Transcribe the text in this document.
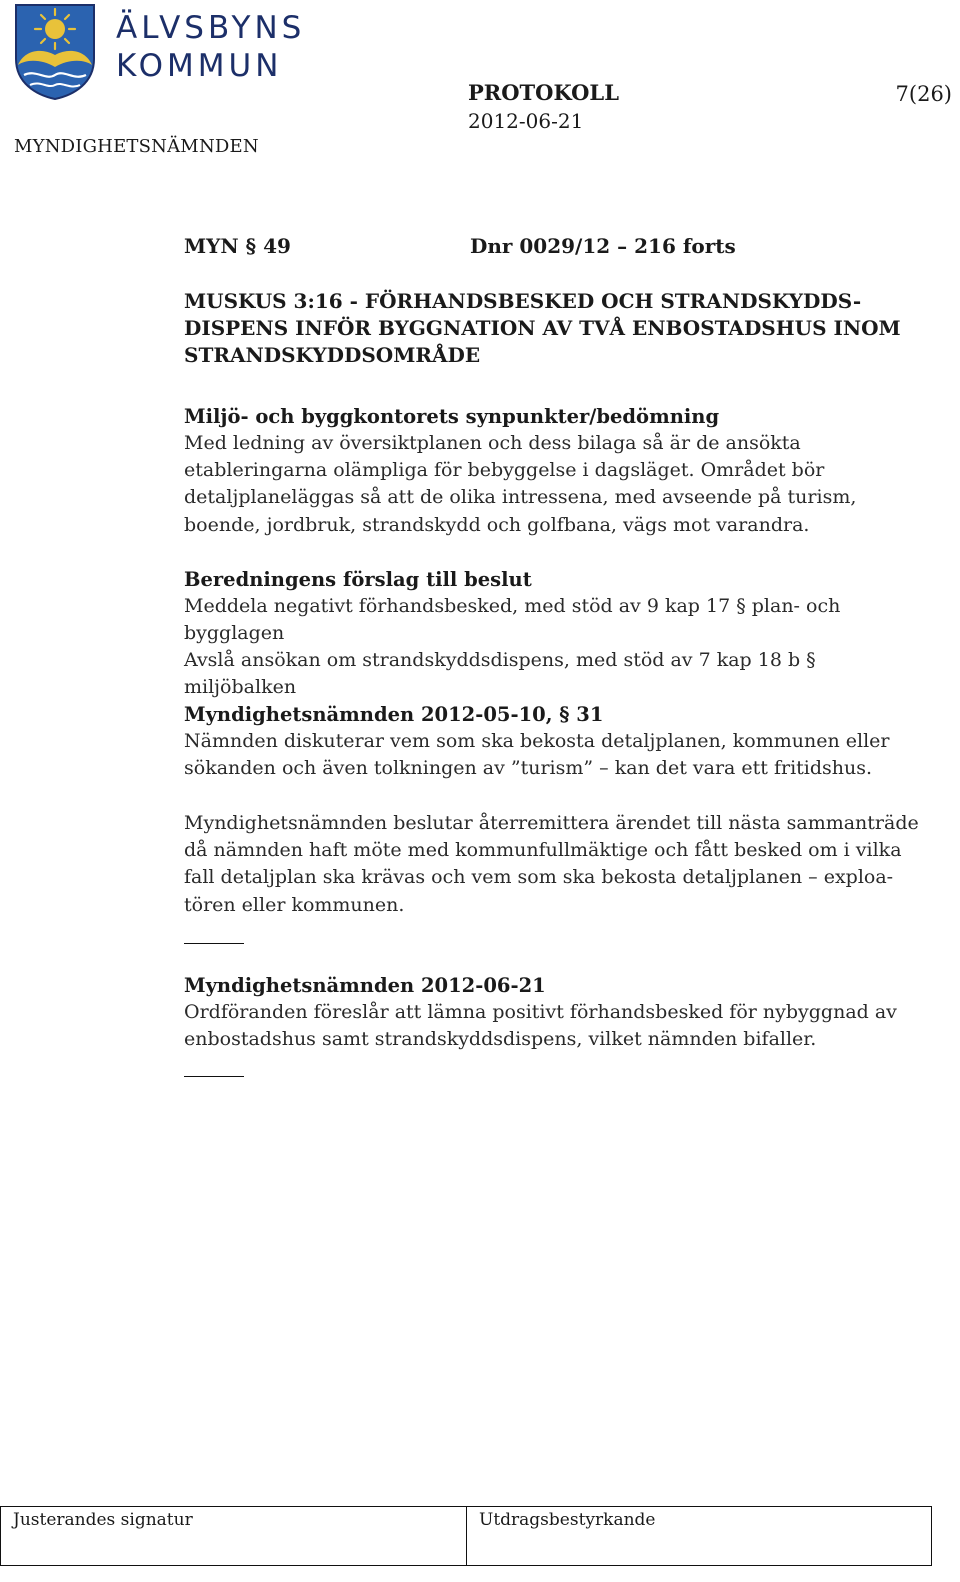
ÄLVSBYNS
KOMMUN
MYNDIGHETSNÄMNDEN
PROTOKOLL
2012-06-21
7(26)
MYN § 49	Dnr 0029/12 – 216 forts
MUSKUS 3:16 - FÖRHANDSBESKED OCH STRANDSKYDDS-DISPENS INFÖR BYGGNATION AV TVÅ ENBOSTADSHUS INOM STRANDSKYDDSOMRÅDE

Miljö- och byggkontorets synpunkter/bedömning

Med ledning av översiktplanen och dess bilaga så är de ansökta etableringarna olämpliga för bebyggelse i dagsläget. Området bör detaljplaneläggas så att de olika intressena, med avseende på turism, boende, jordbruk, strandskydd och golfbana, vägs mot varandra.

Beredningens förslag till beslut

Meddela negativt förhandsbesked, med stöd av 9 kap 17 § plan- och bygglagen

Avslå ansökan om strandskyddsdispens, med stöd av 7 kap 18 b § miljöbalken

Myndighetsnämnden 2012-05-10, § 31

Nämnden diskuterar vem som ska bekosta detaljplanen, kommunen eller sökanden och även tolkningen av ”turism” – kan det vara ett fritidshus.

Myndighetsnämnden beslutar återremittera ärendet till nästa sammanträde då nämnden haft möte med kommunfullmäktige och fått besked om i vilka fall detaljplan ska krävas och vem som ska bekosta detaljplanen – exploa-tören eller kommunen.

Myndighetsnämnden 2012-06-21

Ordföranden föreslår att lämna positivt förhandsbesked för nybyggnad av enbostadshus samt strandskyddsdispens, vilket nämnden bifaller.

Justerandes signatur	Utdragsbestyrkande
